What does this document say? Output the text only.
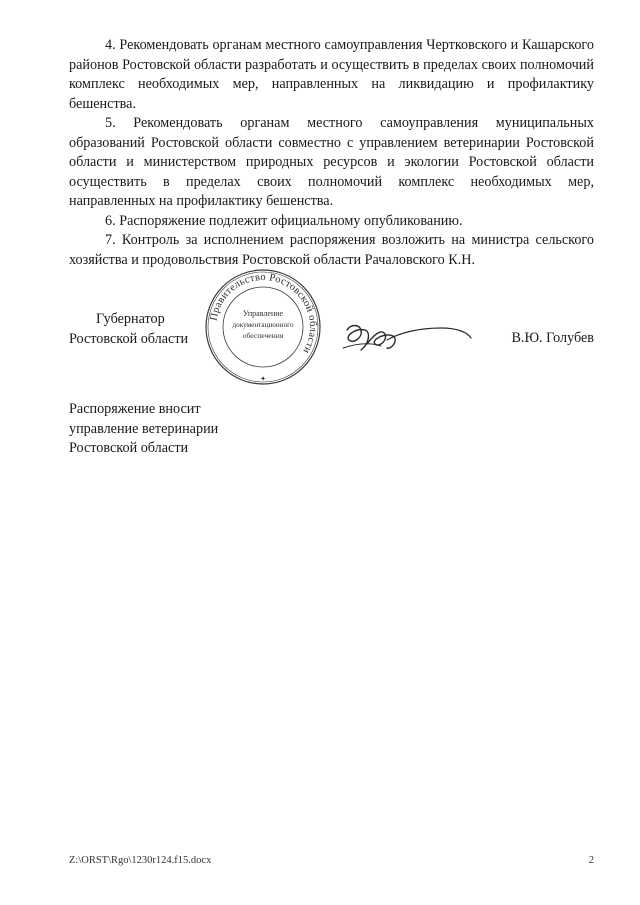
4. Рекомендовать органам местного самоуправления Чертковского и Кашарского районов Ростовской области разработать и осуществить в пределах своих полномочий комплекс необходимых мер, направленных на ликвидацию и профилактику бешенства.

5. Рекомендовать органам местного самоуправления муниципальных образований Ростовской области совместно с управлением ветеринарии Ростовской области и министерством природных ресурсов и экологии Ростовской области осуществить в пределах своих полномочий комплекс необходимых мер, направленных на профилактику бешенства.

6. Распоряжение подлежит официальному опубликованию.

7. Контроль за исполнением распоряжения возложить на министра сельского хозяйства и продовольствия Ростовской области Рачаловского К.Н.

Губернатор
Ростовской области
Правительство Ростовской области
Управление
документационного
обеспечения
✦
В.Ю. Голубев
Распоряжение вносит
управление ветеринарии
Ростовской области
Z:\ORST\Rgo\1230r124.f15.docx	2
